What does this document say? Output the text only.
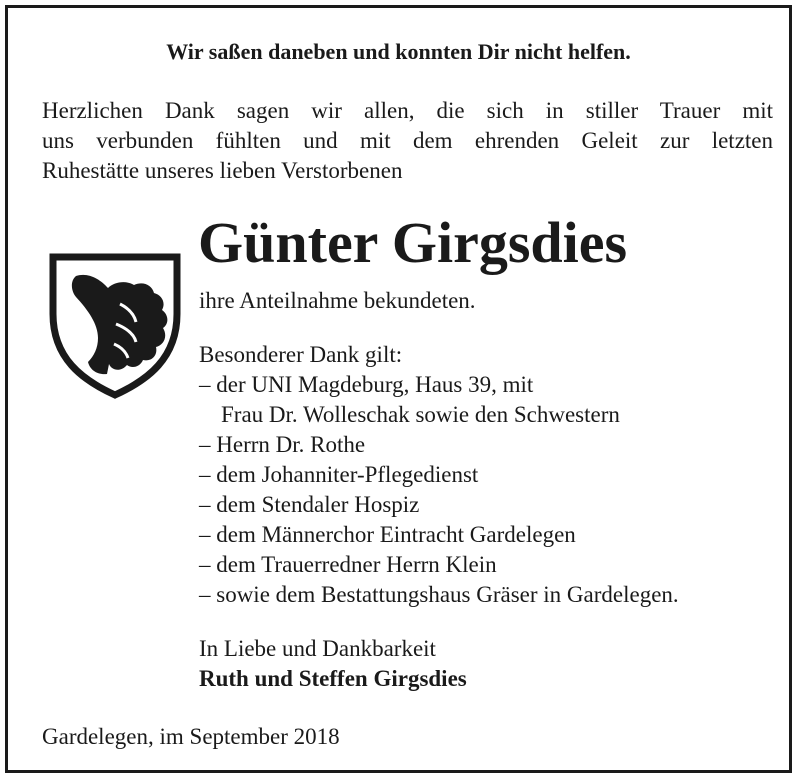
Wir saßen daneben und konnten Dir nicht helfen.
Herzlichen Dank sagen wir allen, die sich in stiller Trauer mit
uns verbunden fühlten und mit dem ehrenden Geleit zur letzten
Ruhestätte unseres lieben Verstorbenen
Günter Girgsdies
ihre Anteilnahme bekundeten.
Besonderer Dank gilt:
– der UNI Magdeburg, Haus 39, mit
Frau Dr. Wolleschak sowie den Schwestern
– Herrn Dr. Rothe
– dem Johanniter-Pflegedienst
– dem Stendaler Hospiz
– dem Männerchor Eintracht Gardelegen
– dem Trauerredner Herrn Klein
– sowie dem Bestattungshaus Gräser in Gardelegen.
In Liebe und Dankbarkeit
Ruth und Steffen Girgsdies
Gardelegen, im September 2018
